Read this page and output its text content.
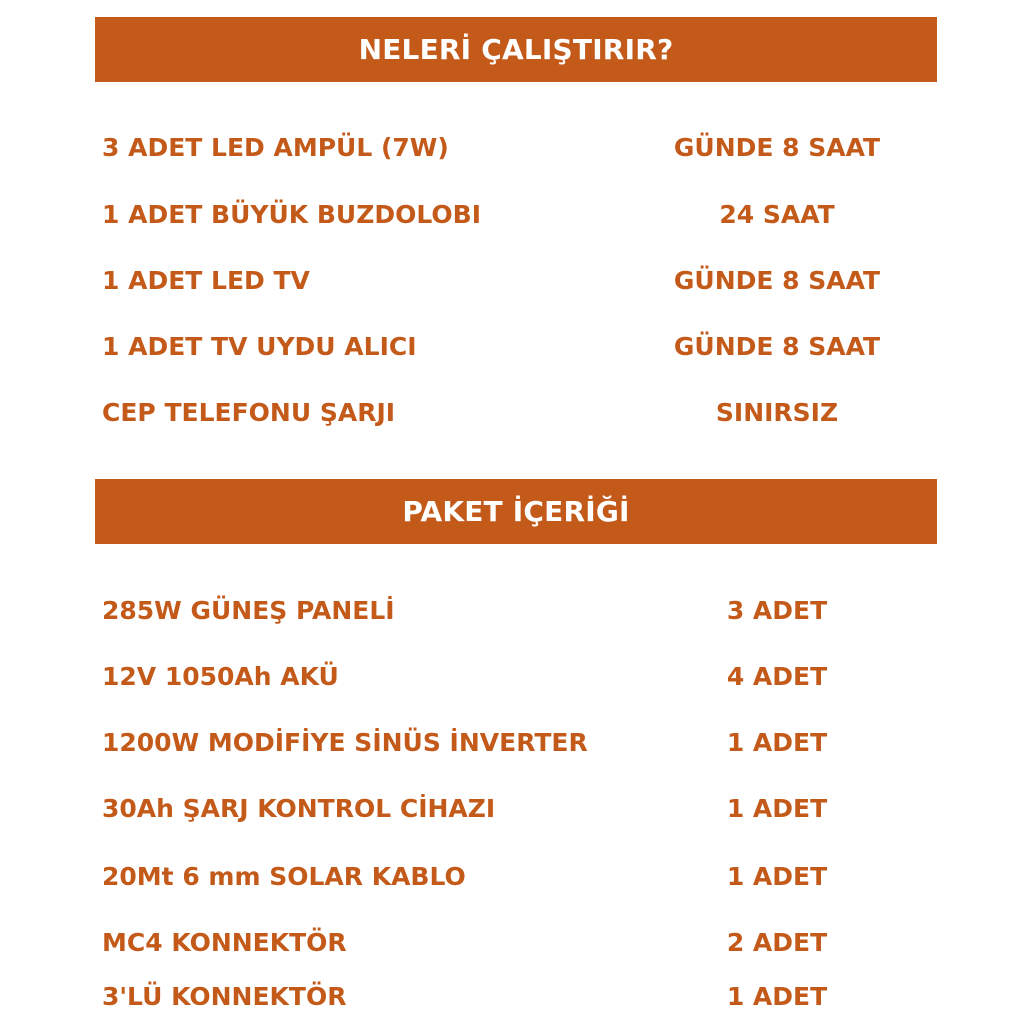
NELERİ ÇALIŞTIRIR?
3 ADET LED AMPÜL (7W)	GÜNDE 8 SAAT
1 ADET BÜYÜK BUZDOLOBI	24 SAAT
1 ADET LED TV	GÜNDE 8 SAAT
1 ADET TV UYDU ALICI	GÜNDE 8 SAAT
CEP TELEFONU ŞARJI	SINIRSIZ
PAKET İÇERİĞİ
285W GÜNEŞ PANELİ	3 ADET
12V 1050Ah AKÜ	4 ADET
1200W MODİFİYE SİNÜS İNVERTER	1 ADET
30Ah ŞARJ KONTROL CİHAZI	1 ADET
20Mt 6 mm SOLAR KABLO	1 ADET
MC4 KONNEKTÖR	2 ADET
3'LÜ KONNEKTÖR	1 ADET
